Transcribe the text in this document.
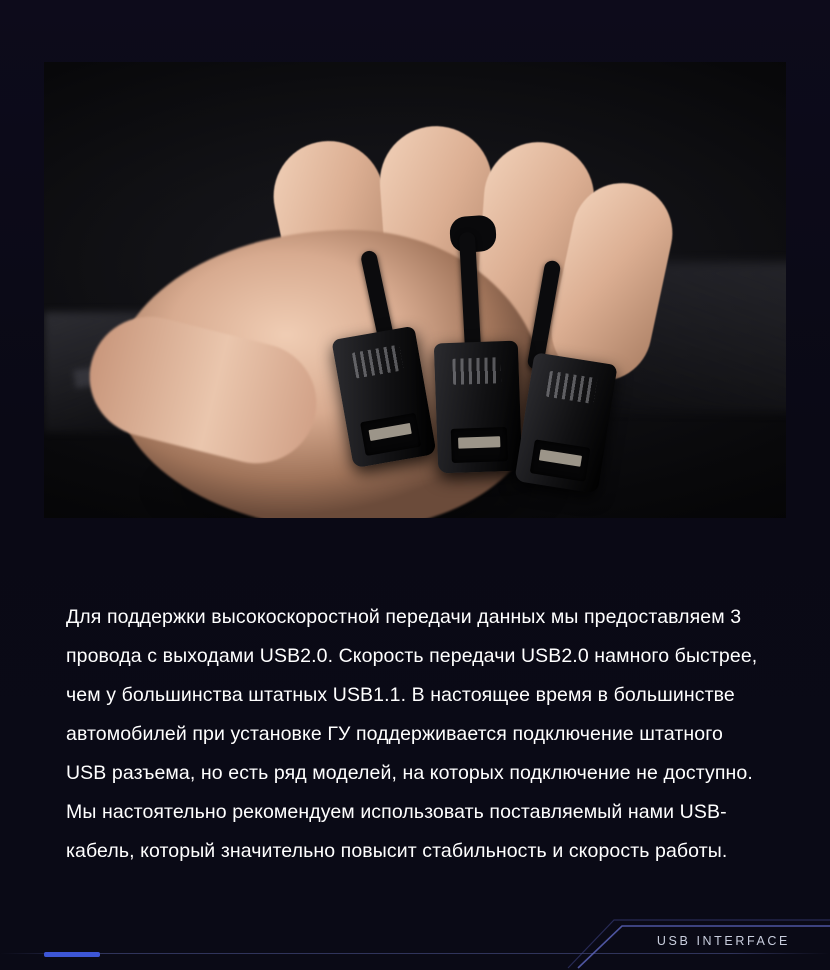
Для поддержки высокоскоростной передачи данных мы предоставляем 3 провода с выходами USB2.0. Скорость передачи USB2.0 намного быстрее, чем у большинства штатных USB1.1. В настоящее время в большинстве автомобилей при установке ГУ поддерживается подключение штатного USB разъема, но есть ряд моделей, на которых подключение не доступно. Мы настоятельно рекомендуем использовать поставляемый нами USB-кабель, который значительно повысит стабильность и скорость работы.

USB INTERFACE
